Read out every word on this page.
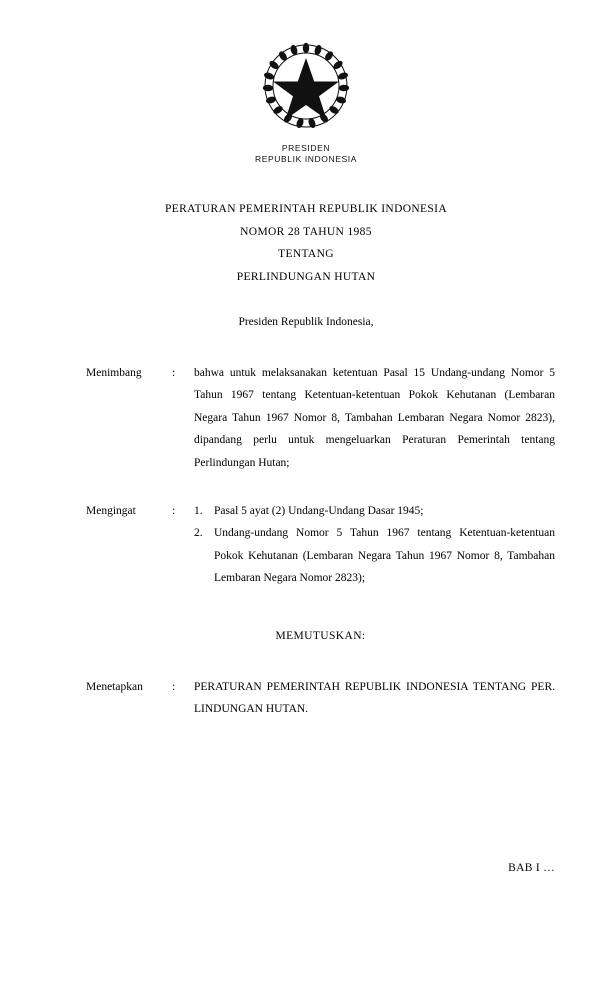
PRESIDEN
REPUBLIK INDONESIA
PERATURAN PEMERINTAH REPUBLIK INDONESIA
NOMOR 28 TAHUN 1985
TENTANG
PERLINDUNGAN HUTAN
Presiden Republik Indonesia,
Menimbang	:	bahwa untuk melaksanakan ketentuan Pasal 15 Undang-undang Nomor 5 Tahun 1967 tentang Ketentuan-ketentuan Pokok Kehutanan (Lembaran Negara Tahun 1967 Nomor 8, Tambahan Lembaran Negara Nomor 2823), dipandang perlu untuk mengeluarkan Peraturan Pemerintah tentang Perlindungan Hutan;

Mengingat	:	1. Pasal 5 ayat (2) Undang-Undang Dasar 1945;
2. Undang-undang Nomor 5 Tahun 1967 tentang Ketentuan-ketentuan Pokok Kehutanan (Lembaran Negara Tahun 1967 Nomor 8, Tambahan Lembaran Negara Nomor 2823);
MEMUTUSKAN:
Menetapkan	:	PERATURAN PEMERINTAH REPUBLIK INDONESIA TENTANG PER. LINDUNGAN HUTAN.

BAB I …
